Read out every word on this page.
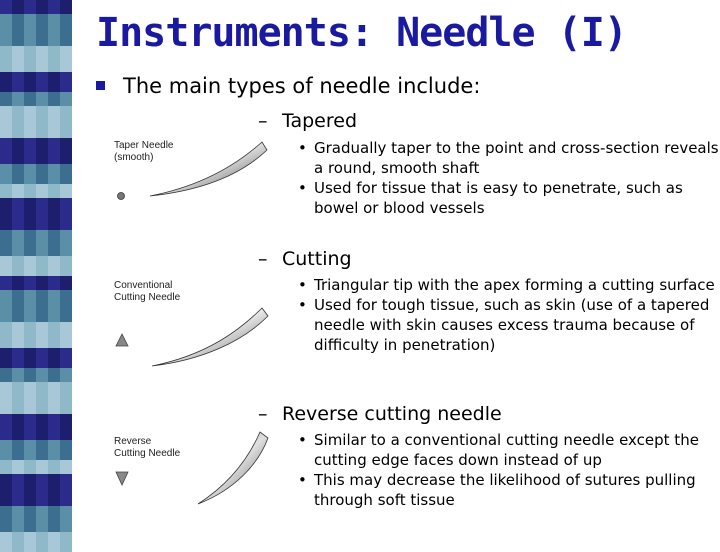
Instruments: Needle (I)
The main types of needle include:
– Tapered
Taper Needle
(smooth)
• Gradually taper to the point and cross-section reveals a round, smooth shaft
• Used for tissue that is easy to penetrate, such as bowel or blood vessels
– Cutting
Conventional
Cutting Needle
• Triangular tip with the apex forming a cutting surface
• Used for tough tissue, such as skin (use of a tapered needle with skin causes excess trauma because of difficulty in penetration)
– Reverse cutting needle
Reverse
Cutting Needle
• Similar to a conventional cutting needle except the cutting edge faces down instead of up
• This may decrease the likelihood of sutures pulling through soft tissue
